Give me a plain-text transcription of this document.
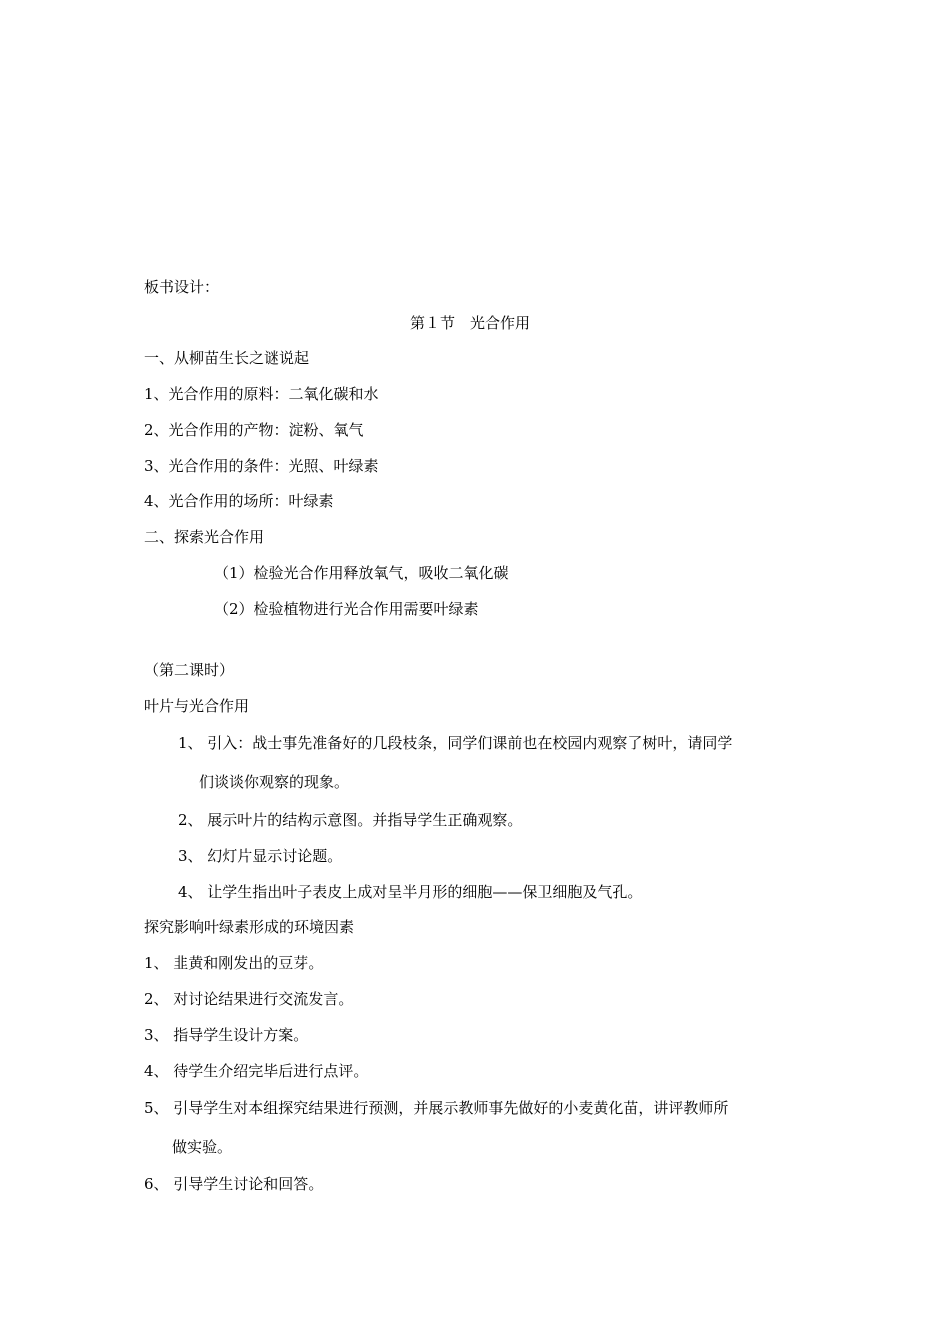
板书设计：
第１节　光合作用
一、从柳苗生长之谜说起
1、光合作用的原料：二氧化碳和水
2、光合作用的产物：淀粉、氧气
3、光合作用的条件：光照、叶绿素
4、光合作用的场所：叶绿素
二、探索光合作用
（1）检验光合作用释放氧气，吸收二氧化碳
（2）检验植物进行光合作用需要叶绿素
（第二课时）
叶片与光合作用
1、 引入：战士事先准备好的几段枝条，同学们课前也在校园内观察了树叶，请同学
们谈谈你观察的现象。
2、 展示叶片的结构示意图。并指导学生正确观察。
3、 幻灯片显示讨论题。
4、 让学生指出叶子表皮上成对呈半月形的细胞——保卫细胞及气孔。
探究影响叶绿素形成的环境因素
1、 韭黄和刚发出的豆芽。
2、 对讨论结果进行交流发言。
3、 指导学生设计方案。
4、 待学生介绍完毕后进行点评。
5、 引导学生对本组探究结果进行预测，并展示教师事先做好的小麦黄化苗，讲评教师所
做实验。
6、 引导学生讨论和回答。
